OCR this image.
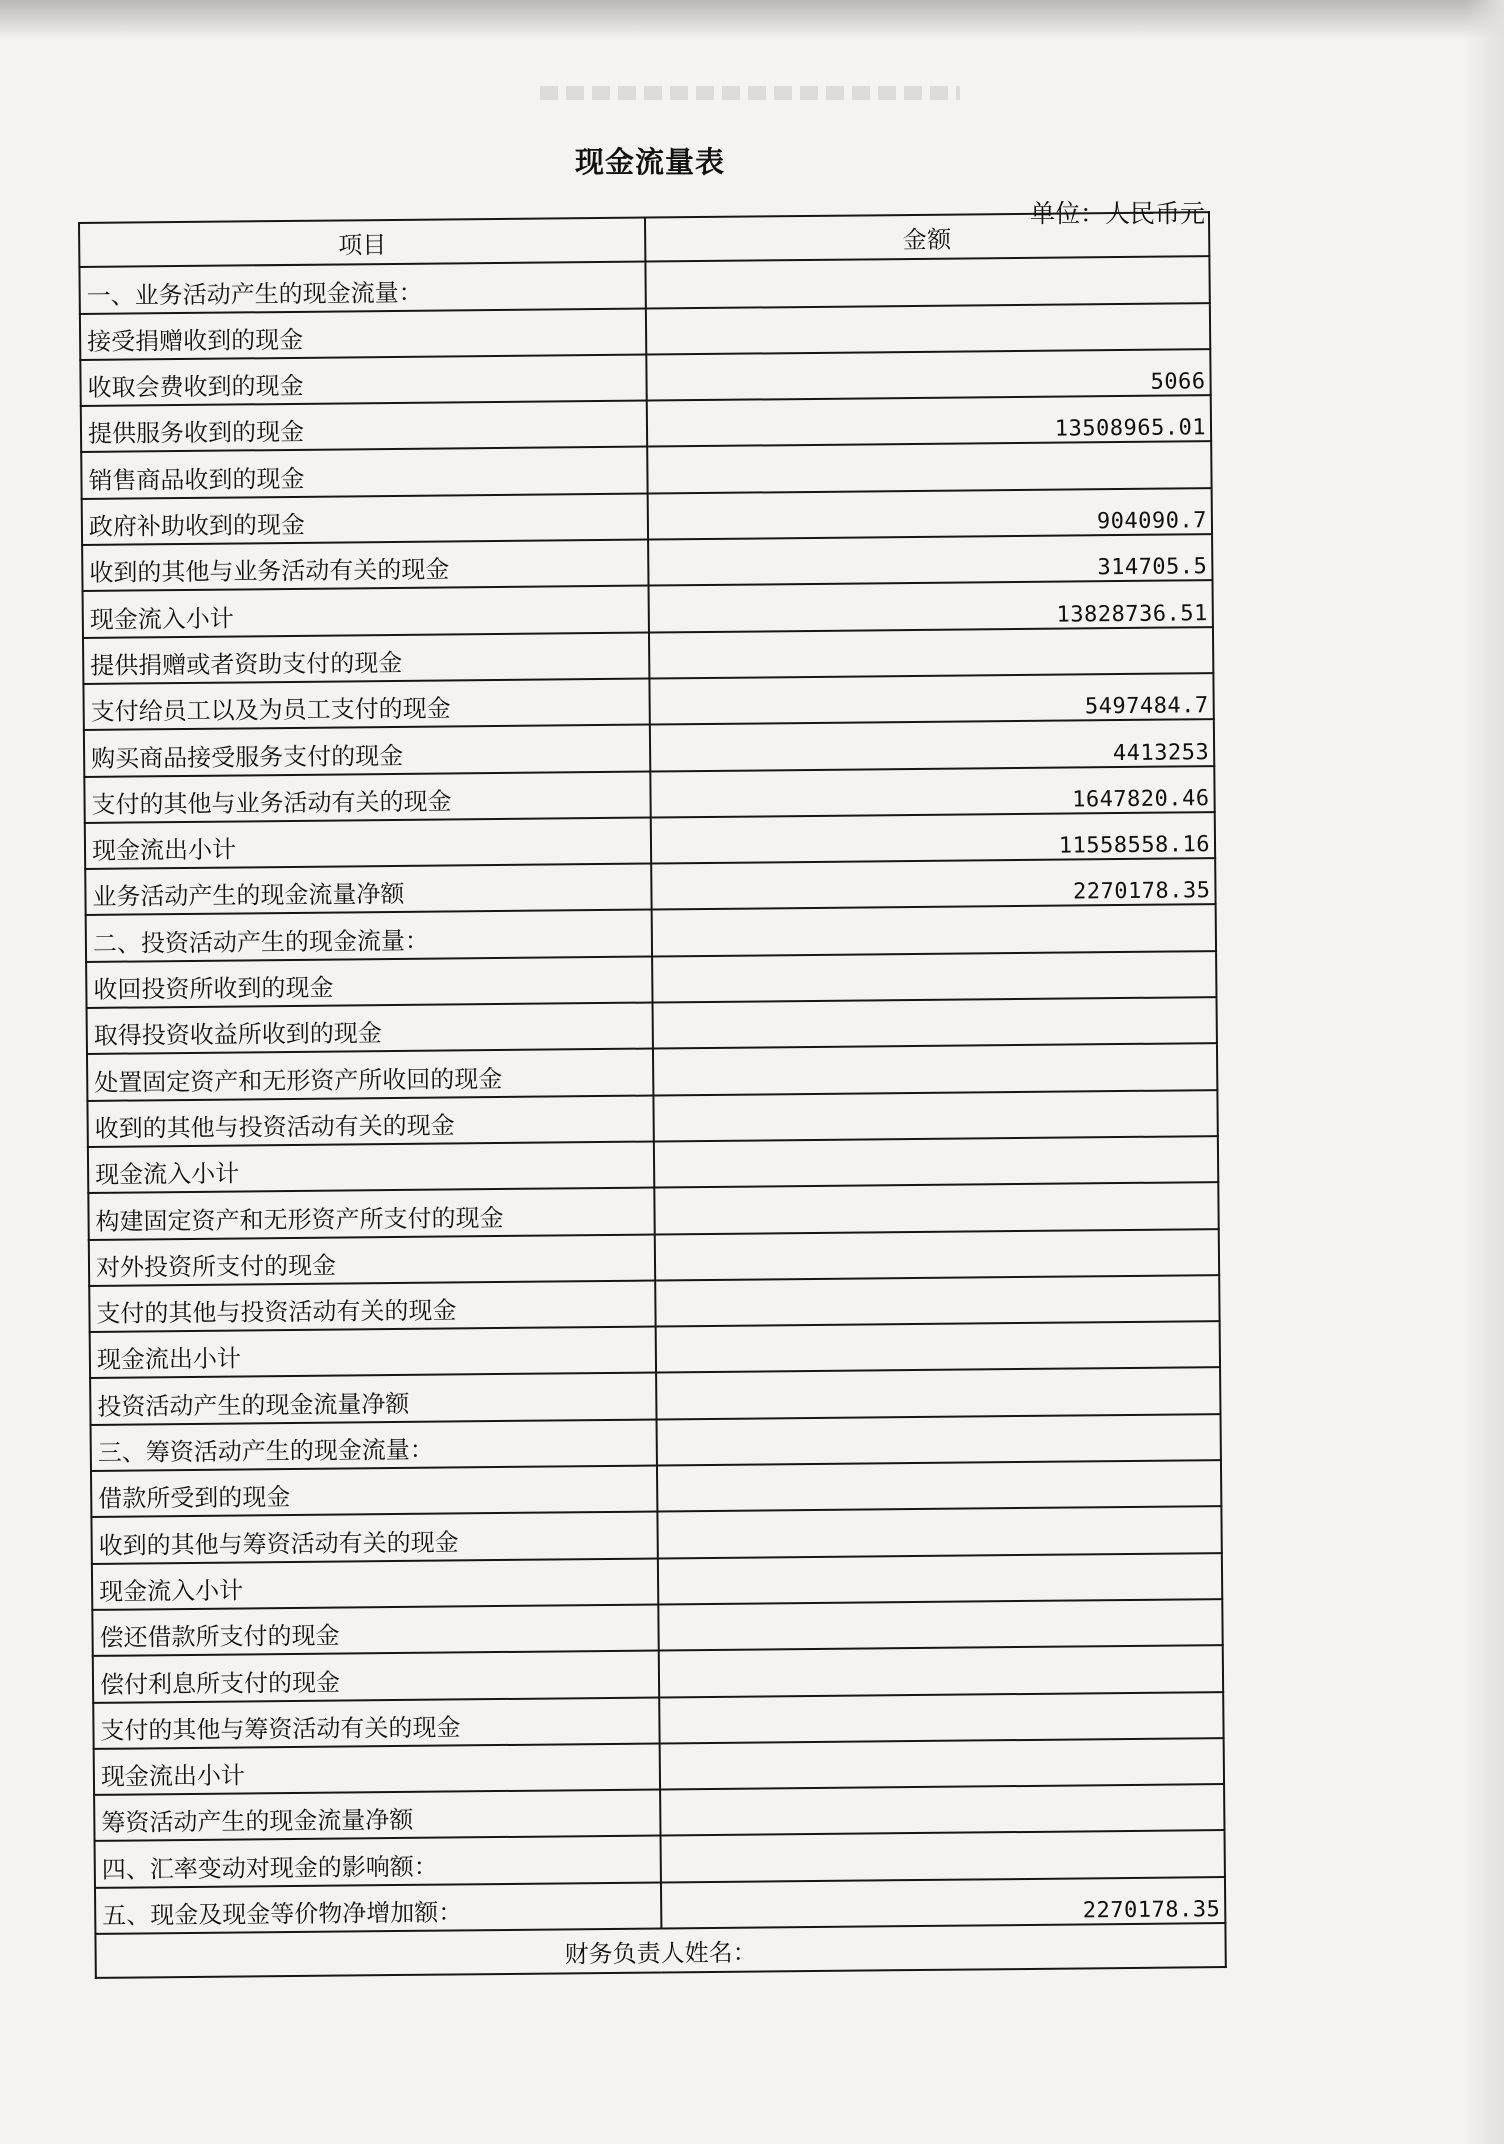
现金流量表
单位：人民币元
项目	金额
一、业务活动产生的现金流量：	
接受捐赠收到的现金	
收取会费收到的现金	5066
提供服务收到的现金	13508965.01
销售商品收到的现金	
政府补助收到的现金	904090.7
收到的其他与业务活动有关的现金	314705.5
现金流入小计	13828736.51
提供捐赠或者资助支付的现金	
支付给员工以及为员工支付的现金	5497484.7
购买商品接受服务支付的现金	4413253
支付的其他与业务活动有关的现金	1647820.46
现金流出小计	11558558.16
业务活动产生的现金流量净额	2270178.35
二、投资活动产生的现金流量：	
收回投资所收到的现金	
取得投资收益所收到的现金	
处置固定资产和无形资产所收回的现金	
收到的其他与投资活动有关的现金	
现金流入小计	
构建固定资产和无形资产所支付的现金	
对外投资所支付的现金	
支付的其他与投资活动有关的现金	
现金流出小计	
投资活动产生的现金流量净额	
三、筹资活动产生的现金流量：	
借款所受到的现金	
收到的其他与筹资活动有关的现金	
现金流入小计	
偿还借款所支付的现金	
偿付利息所支付的现金	
支付的其他与筹资活动有关的现金	
现金流出小计	
筹资活动产生的现金流量净额	
四、汇率变动对现金的影响额：	
五、现金及现金等价物净增加额：	2270178.35
财务负责人姓名：	
